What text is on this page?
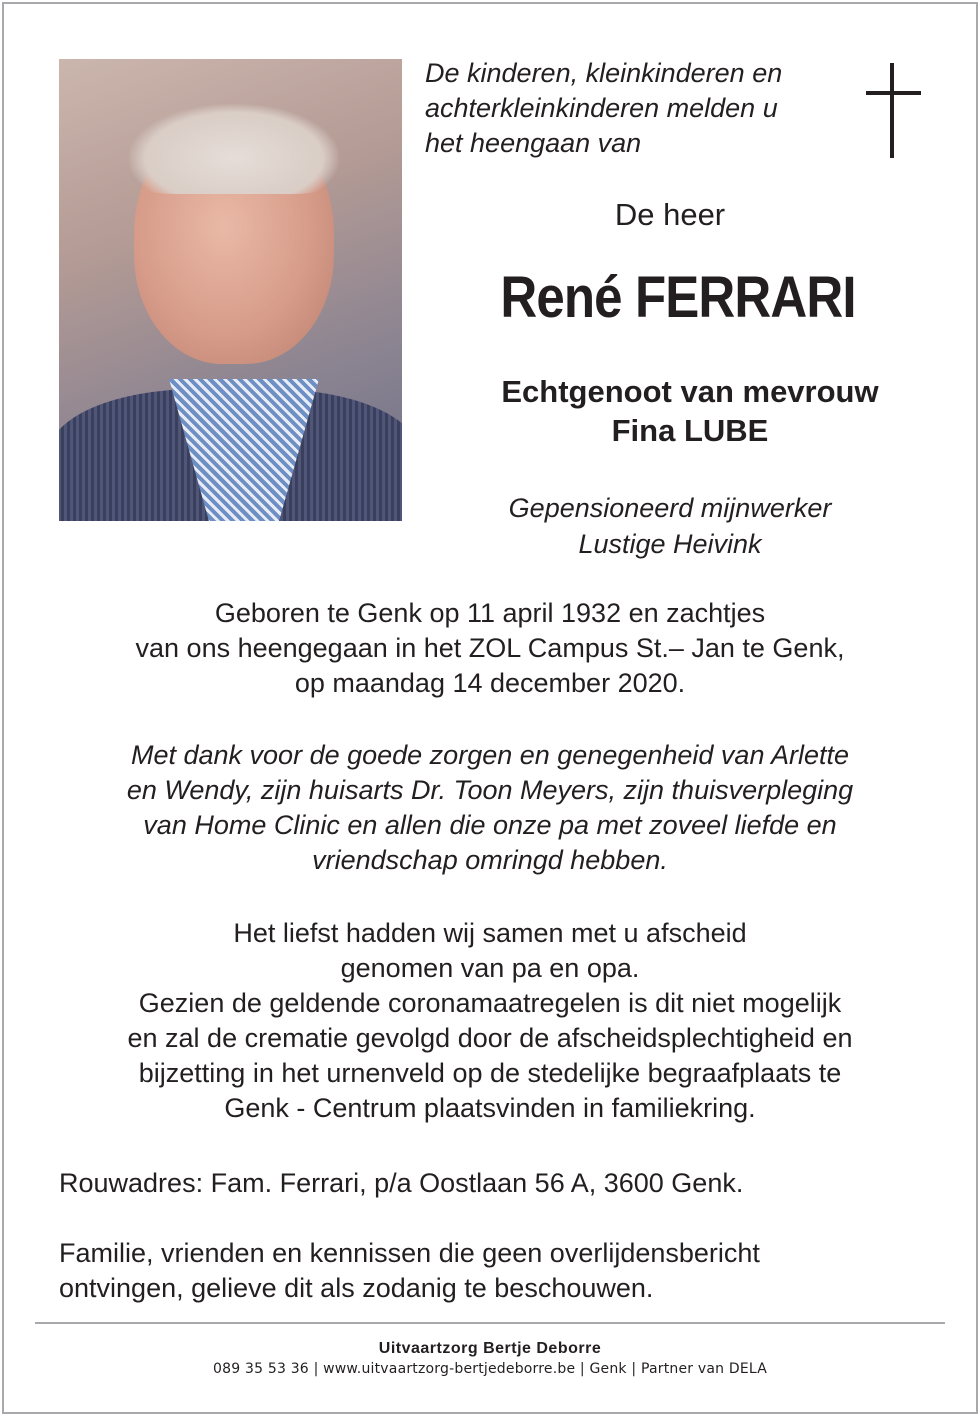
De kinderen, kleinkinderen en
achterkleinkinderen melden u
het heengaan van
De heer
René FERRARI
Echtgenoot van mevrouw
Fina LUBE
Gepensioneerd mijnwerker
Lustige Heivink
Geboren te Genk op 11 april 1932 en zachtjes
van ons heengegaan in het ZOL Campus St.– Jan te Genk,
op maandag 14 december 2020.
Met dank voor de goede zorgen en genegenheid van Arlette
en Wendy, zijn huisarts Dr. Toon Meyers, zijn thuisverpleging
van Home Clinic en allen die onze pa met zoveel liefde en
vriendschap omringd hebben.
Het liefst hadden wij samen met u afscheid
genomen van pa en opa.
Gezien de geldende coronamaatregelen is dit niet mogelijk
en zal de crematie gevolgd door de afscheidsplechtigheid en
bijzetting in het urnenveld op de stedelijke begraafplaats te
Genk - Centrum plaatsvinden in familiekring.
Rouwadres: Fam. Ferrari, p/a Oostlaan 56 A, 3600 Genk.
Familie, vrienden en kennissen die geen overlijdensbericht
ontvingen, gelieve dit als zodanig te beschouwen.
Uitvaartzorg Bertje Deborre
089 35 53 36 | www.uitvaartzorg-bertjedeborre.be | Genk | Partner van DELA
